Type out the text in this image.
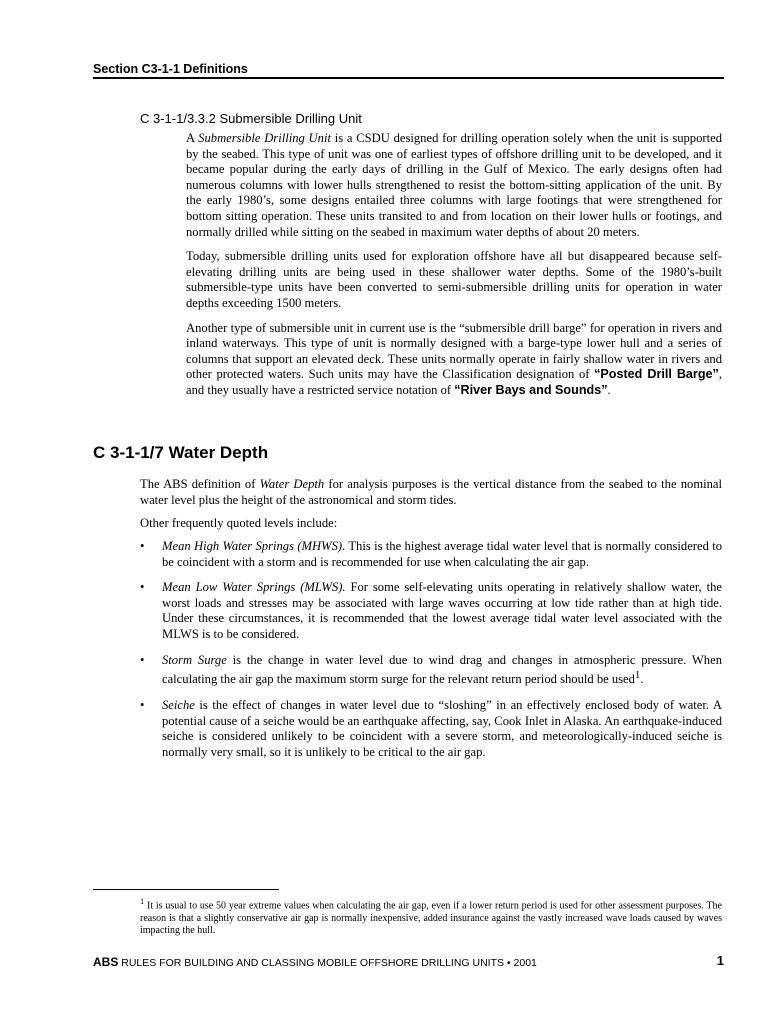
Section C3-1-1 Definitions
C 3-1-1/3.3.2 Submersible Drilling Unit

A Submersible Drilling Unit is a CSDU designed for drilling operation solely when the unit is supported by the seabed. This type of unit was one of earliest types of offshore drilling unit to be developed, and it became popular during the early days of drilling in the Gulf of Mexico. The early designs often had numerous columns with lower hulls strengthened to resist the bottom-sitting application of the unit. By the early 1980’s, some designs entailed three columns with large footings that were strengthened for bottom sitting operation. These units transited to and from location on their lower hulls or footings, and normally drilled while sitting on the seabed in maximum water depths of about 20 meters.

Today, submersible drilling units used for exploration offshore have all but disappeared because self-elevating drilling units are being used in these shallower water depths. Some of the 1980’s-built submersible-type units have been converted to semi-submersible drilling units for operation in water depths exceeding 1500 meters.

Another type of submersible unit in current use is the “submersible drill barge” for operation in rivers and inland waterways. This type of unit is normally designed with a barge-type lower hull and a series of columns that support an elevated deck. These units normally operate in fairly shallow water in rivers and other protected waters. Such units may have the Classification designation of “Posted Drill Barge”, and they usually have a restricted service notation of “River Bays and Sounds”.

C 3-1-1/7 Water Depth
The ABS definition of Water Depth for analysis purposes is the vertical distance from the seabed to the nominal water level plus the height of the astronomical and storm tides.
Other frequently quoted levels include:
• Mean High Water Springs (MHWS). This is the highest average tidal water level that is normally considered to be coincident with a storm and is recommended for use when calculating the air gap.
• Mean Low Water Springs (MLWS). For some self-elevating units operating in relatively shallow water, the worst loads and stresses may be associated with large waves occurring at low tide rather than at high tide. Under these circumstances, it is recommended that the lowest average tidal water level associated with the MLWS is to be considered.
• Storm Surge is the change in water level due to wind drag and changes in atmospheric pressure. When calculating the air gap the maximum storm surge for the relevant return period should be used$^1$.
• Seiche is the effect of changes in water level due to “sloshing” in an effectively enclosed body of water. A potential cause of a seiche would be an earthquake affecting, say, Cook Inlet in Alaska. An earthquake-induced seiche is considered unlikely to be coincident with a severe storm, and meteorologically-induced seiche is normally very small, so it is unlikely to be critical to the air gap.
$^1$ It is usual to use 50 year extreme values when calculating the air gap, even if a lower return period is used for other assessment purposes. The reason is that a slightly conservative air gap is normally inexpensive, added insurance against the vastly increased wave loads caused by waves impacting the hull.
ABS RULES FOR BUILDING AND CLASSING MOBILE OFFSHORE DRILLING UNITS • 2001	1
